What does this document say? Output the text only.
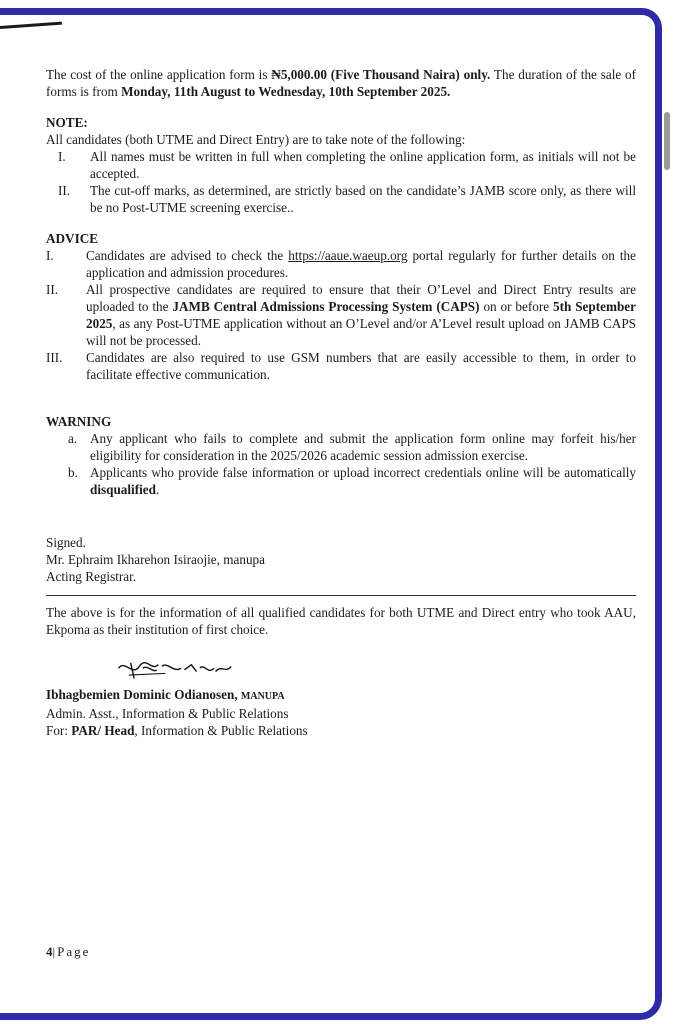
The cost of the online application form is ₦5,000.00 (Five Thousand Naira) only. The duration of the sale of forms is from Monday, 11th August to Wednesday, 10th September 2025.

NOTE:

All candidates (both UTME and Direct Entry) are to take note of the following:

I.	All names must be written in full when completing the online application form, as initials will not be accepted.
II.	The cut-off marks, as determined, are strictly based on the candidate’s JAMB score only, as there will be no Post-UTME screening exercise..

ADVICE

I.	Candidates are advised to check the https://aaue.waeup.org portal regularly for further details on the application and admission procedures.
II.	All prospective candidates are required to ensure that their O’Level and Direct Entry results are uploaded to the JAMB Central Admissions Processing System (CAPS) on or before 5th September 2025, as any Post-UTME application without an O’Level and/or A’Level result upload on JAMB CAPS will not be processed.
III.	Candidates are also required to use GSM numbers that are easily accessible to them, in order to facilitate effective communication.

WARNING

a. Any applicant who fails to complete and submit the application form online may forfeit his/her eligibility for consideration in the 2025/2026 academic session admission exercise.
b. Applicants who provide false information or upload incorrect credentials online will be automatically disqualified.

Signed.

Mr. Ephraim Ikharehon Isiraojie, manupa

Acting Registrar.

The above is for the information of all qualified candidates for both UTME and Direct entry who took AAU, Ekpoma as their institution of first choice.

Ibhagbemien Dominic Odianosen, MANUPA

Admin. Asst., Information & Public Relations

For: PAR/ Head, Information & Public Relations

4|Page
